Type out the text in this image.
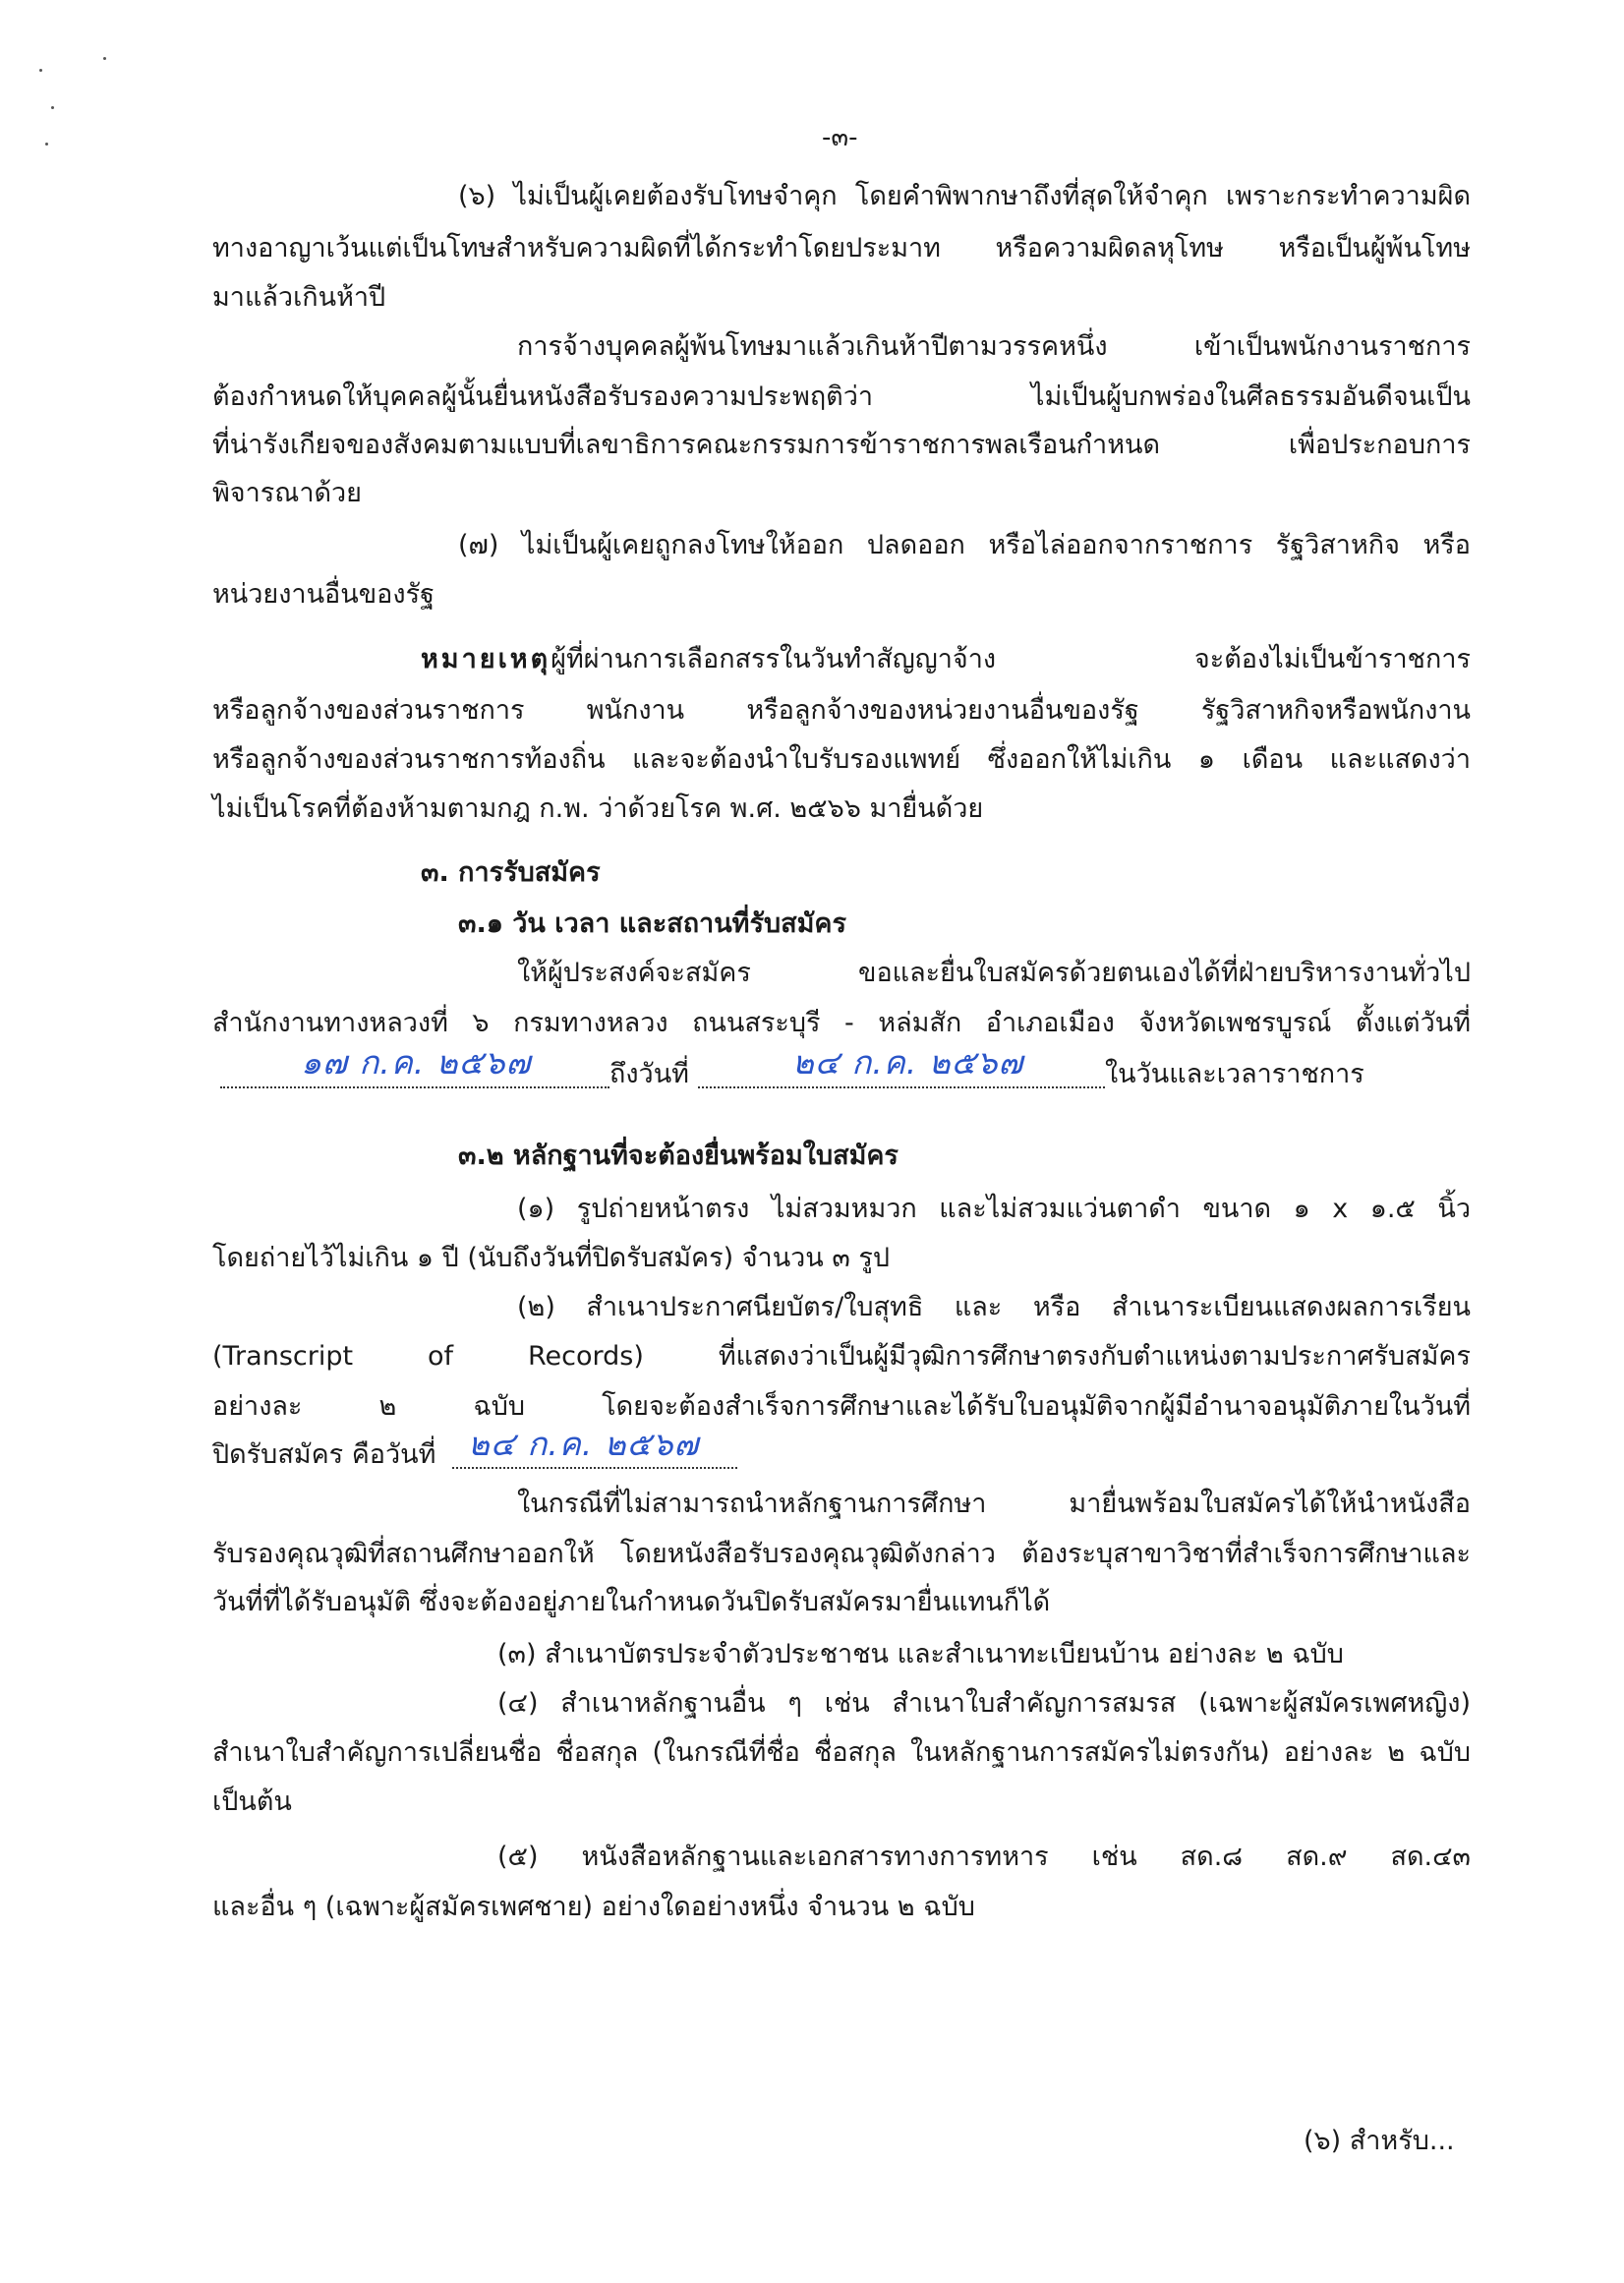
-๓-
(๖) ไม่เป็นผู้เคยต้องรับโทษจำคุก โดยคำพิพากษาถึงที่สุดให้จำคุก เพราะกระทำความผิด
ทางอาญาเว้นแต่เป็นโทษสำหรับความผิดที่ได้กระทำโดยประมาท หรือความผิดลหุโทษ หรือเป็นผู้พ้นโทษ
มาแล้วเกินห้าปี
การจ้างบุคคลผู้พ้นโทษมาแล้วเกินห้าปีตามวรรคหนึ่ง เข้าเป็นพนักงานราชการ
ต้องกำหนดให้บุคคลผู้นั้นยื่นหนังสือรับรองความประพฤติว่า ไม่เป็นผู้บกพร่องในศีลธรรมอันดีจนเป็น
ที่น่ารังเกียจของสังคมตามแบบที่เลขาธิการคณะกรรมการข้าราชการพลเรือนกำหนด เพื่อประกอบการ
พิจารณาด้วย
(๗) ไม่เป็นผู้เคยถูกลงโทษให้ออก ปลดออก หรือไล่ออกจากราชการ รัฐวิสาหกิจ หรือ
หน่วยงานอื่นของรัฐ
หมายเหตุ ผู้ที่ผ่านการเลือกสรรในวันทำสัญญาจ้าง จะต้องไม่เป็นข้าราชการ
หรือลูกจ้างของส่วนราชการ พนักงาน หรือลูกจ้างของหน่วยงานอื่นของรัฐ รัฐวิสาหกิจหรือพนักงาน
หรือลูกจ้างของส่วนราชการท้องถิ่น และจะต้องนำใบรับรองแพทย์ ซึ่งออกให้ไม่เกิน ๑ เดือน และแสดงว่า
ไม่เป็นโรคที่ต้องห้ามตามกฎ ก.พ. ว่าด้วยโรค พ.ศ. ๒๕๖๖ มายื่นด้วย
๓. การรับสมัคร
๓.๑ วัน เวลา และสถานที่รับสมัคร
ให้ผู้ประสงค์จะสมัคร ขอและยื่นใบสมัครด้วยตนเองได้ที่ฝ่ายบริหารงานทั่วไป
สำนักงานทางหลวงที่ ๖ กรมทางหลวง ถนนสระบุรี - หล่มสัก อำเภอเมือง จังหวัดเพชรบูรณ์ ตั้งแต่วันที่
๑๗ ก.ค. ๒๕๖๗	ถึงวันที่	๒๔ ก.ค. ๒๕๖๗	ในวันและเวลาราชการ
๓.๒ หลักฐานที่จะต้องยื่นพร้อมใบสมัคร
(๑) รูปถ่ายหน้าตรง ไม่สวมหมวก และไม่สวมแว่นตาดำ ขนาด ๑ x ๑.๕ นิ้ว
โดยถ่ายไว้ไม่เกิน ๑ ปี (นับถึงวันที่ปิดรับสมัคร) จำนวน ๓ รูป
(๒) สำเนาประกาศนียบัตร/ใบสุทธิ และ หรือ สำเนาระเบียนแสดงผลการเรียน
(Transcript of Records) ที่แสดงว่าเป็นผู้มีวุฒิการศึกษาตรงกับตำแหน่งตามประกาศรับสมัคร
อย่างละ ๒ ฉบับ โดยจะต้องสำเร็จการศึกษาและได้รับใบอนุมัติจากผู้มีอำนาจอนุมัติภายในวันที่
ปิดรับสมัคร คือวันที่ ๒๔ ก.ค. ๒๕๖๗
ในกรณีที่ไม่สามารถนำหลักฐานการศึกษา มายื่นพร้อมใบสมัครได้ให้นำหนังสือ
รับรองคุณวุฒิที่สถานศึกษาออกให้ โดยหนังสือรับรองคุณวุฒิดังกล่าว ต้องระบุสาขาวิชาที่สำเร็จการศึกษาและ
วันที่ที่ได้รับอนุมัติ ซึ่งจะต้องอยู่ภายในกำหนดวันปิดรับสมัครมายื่นแทนก็ได้
(๓) สำเนาบัตรประจำตัวประชาชน และสำเนาทะเบียนบ้าน อย่างละ ๒ ฉบับ
(๔) สำเนาหลักฐานอื่น ๆ เช่น สำเนาใบสำคัญการสมรส (เฉพาะผู้สมัครเพศหญิง)
สำเนาใบสำคัญการเปลี่ยนชื่อ ชื่อสกุล (ในกรณีที่ชื่อ ชื่อสกุล ในหลักฐานการสมัครไม่ตรงกัน) อย่างละ ๒ ฉบับ
เป็นต้น
(๕) หนังสือหลักฐานและเอกสารทางการทหาร เช่น สด.๘ สด.๙ สด.๔๓
และอื่น ๆ (เฉพาะผู้สมัครเพศชาย) อย่างใดอย่างหนึ่ง จำนวน ๒ ฉบับ
(๖) สำหรับ...
